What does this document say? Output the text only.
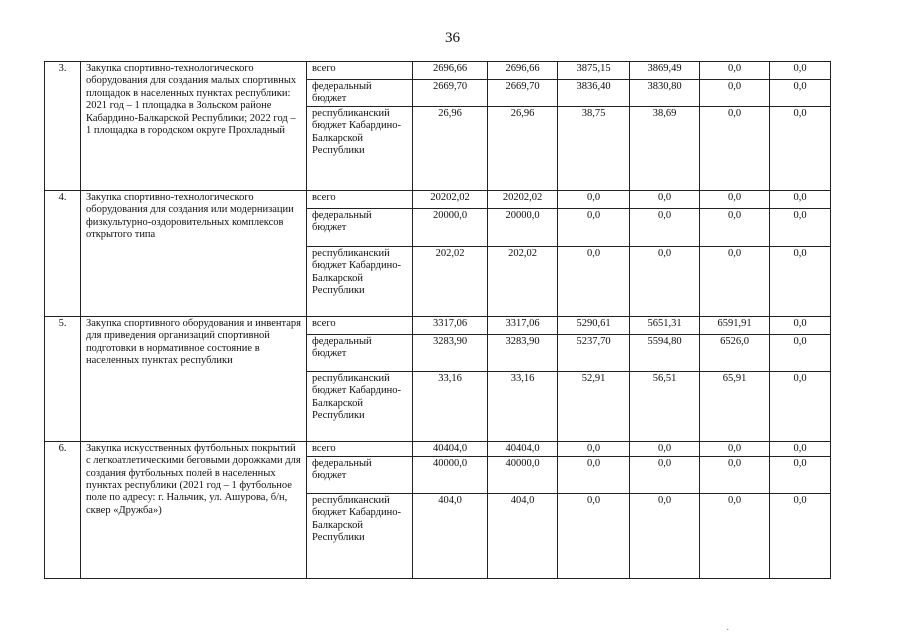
36
3.	Закупка спортивно-технологического оборудования для создания малых спортивных площадок в населенных пунктах республики: 2021 год – 1 площадка в Зольском районе Кабардино-Балкарской Республики; 2022 год – 1 площадка в городском округе Прохладный	всего	2696,66	2696,66	3875,15	3869,49	0,0	0,0
		федеральный бюджет	2669,70	2669,70	3836,40	3830,80	0,0	0,0
		республиканский бюджет Кабардино-Балкарской Республики	26,96	26,96	38,75	38,69	0,0	0,0
4.	Закупка спортивно-технологического оборудования для создания или модернизации физкультурно-оздоровительных комплексов открытого типа	всего	20202,02	20202,02	0,0	0,0	0,0	0,0
		федеральный бюджет	20000,0	20000,0	0,0	0,0	0,0	0,0
		республиканский бюджет Кабардино-Балкарской Республики	202,02	202,02	0,0	0,0	0,0	0,0
5.	Закупка спортивного оборудования и инвентаря для приведения организаций спортивной подготовки в нормативное состояние в населенных пунктах республики	всего	3317,06	3317,06	5290,61	5651,31	6591,91	0,0
		федеральный бюджет	3283,90	3283,90	5237,70	5594,80	6526,0	0,0
		республиканский бюджет Кабардино-Балкарской Республики	33,16	33,16	52,91	56,51	65,91	0,0
6.	Закупка искусственных футбольных покрытий с легкоатлетическими беговыми дорожками для создания футбольных полей в населенных пунктах республики (2021 год – 1 футбольное поле по адресу: г. Нальчик, ул. Ашурова, б/н, сквер «Дружба»)	всего	40404,0	40404,0	0,0	0,0	0,0	0,0
		федеральный бюджет	40000,0	40000,0	0,0	0,0	0,0	0,0
		республиканский бюджет Кабардино-Балкарской Республики	404,0	404,0	0,0	0,0	0,0	0,0
.
